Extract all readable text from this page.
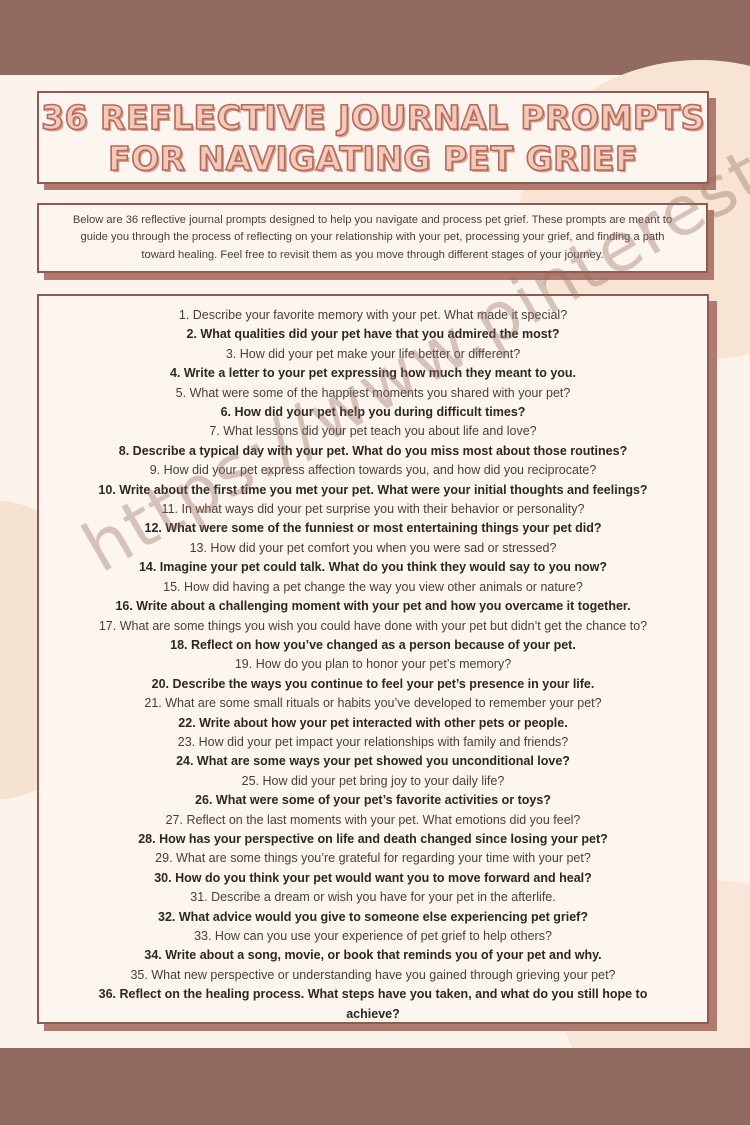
36 REFLECTIVE JOURNAL PROMPTS
FOR NAVIGATING PET GRIEF

Below are 36 reflective journal prompts designed to help you navigate and process pet grief. These prompts are meant to guide you through the process of reflecting on your relationship with your pet, processing your grief, and finding a path toward healing. Feel free to revisit them as you move through different stages of your journey.

1. Describe your favorite memory with your pet. What made it special?
2. What qualities did your pet have that you admired the most?
3. How did your pet make your life better or different?
4. Write a letter to your pet expressing how much they meant to you.
5. What were some of the happiest moments you shared with your pet?
6. How did your pet help you during difficult times?
7. What lessons did your pet teach you about life and love?
8. Describe a typical day with your pet. What do you miss most about those routines?
9. How did your pet express affection towards you, and how did you reciprocate?
10. Write about the first time you met your pet. What were your initial thoughts and feelings?
11. In what ways did your pet surprise you with their behavior or personality?
12. What were some of the funniest or most entertaining things your pet did?
13. How did your pet comfort you when you were sad or stressed?
14. Imagine your pet could talk. What do you think they would say to you now?
15. How did having a pet change the way you view other animals or nature?
16. Write about a challenging moment with your pet and how you overcame it together.
17. What are some things you wish you could have done with your pet but didn’t get the chance to?
18. Reflect on how you’ve changed as a person because of your pet.
19. How do you plan to honor your pet’s memory?
20. Describe the ways you continue to feel your pet’s presence in your life.
21. What are some small rituals or habits you’ve developed to remember your pet?
22. Write about how your pet interacted with other pets or people.
23. How did your pet impact your relationships with family and friends?
24. What are some ways your pet showed you unconditional love?
25. How did your pet bring joy to your daily life?
26. What were some of your pet’s favorite activities or toys?
27. Reflect on the last moments with your pet. What emotions did you feel?
28. How has your perspective on life and death changed since losing your pet?
29. What are some things you’re grateful for regarding your time with your pet?
30. How do you think your pet would want you to move forward and heal?
31. Describe a dream or wish you have for your pet in the afterlife.
32. What advice would you give to someone else experiencing pet grief?
33. How can you use your experience of pet grief to help others?
34. Write about a song, movie, or book that reminds you of your pet and why.
35. What new perspective or understanding have you gained through grieving your pet?
36. Reflect on the healing process. What steps have you taken, and what do you still hope to achieve?
